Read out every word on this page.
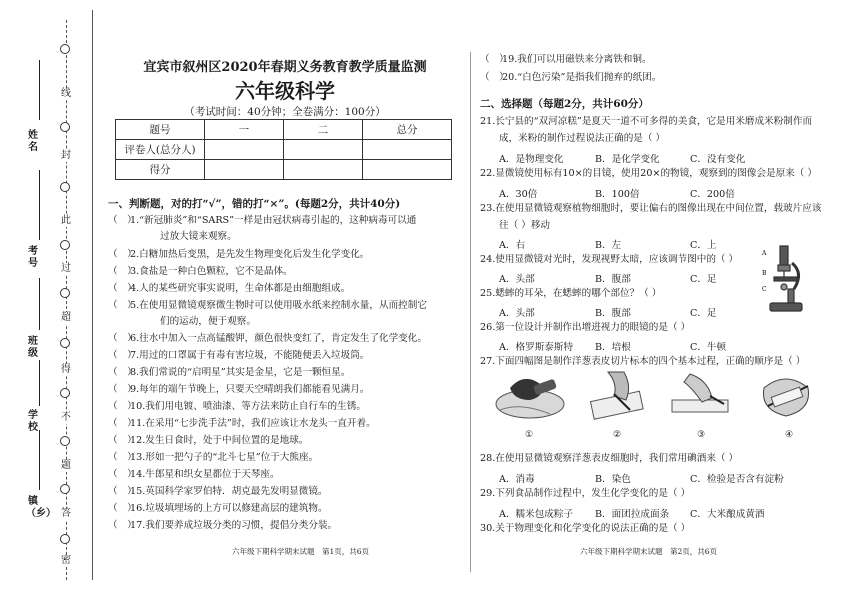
线
封
此
过
超
得
不
题
答
密
姓名
考号
班级
学校
镇（乡）
宜宾市叙州区2020年春期义务教育教学质量监测
六年级科学
（考试时间：40分钟；全卷满分：100分）
题号	一	二	总分
评卷人(总分人)			
得分			
一、判断题，对的打“√”，错的打“×”。(每题2分，共计40分)
（　）1.“新冠肺炎”和“SARS”一样是由冠状病毒引起的，这种病毒可以通
过放大镜来观察。
（　）2.白糖加热后变黑，是先发生物理变化后发生化学变化。
（　）3.食盐是一种白色颗粒，它不是晶体。
（　）4.人的某些研究事实说明，生命体都是由细胞组成。
（　）5.在使用显微镜观察微生物时可以使用吸水纸来控制水量，从而控制它
们的运动，便于观察。
（　）6.往水中加入一点高锰酸钾，颜色很快变红了，肯定发生了化学变化。
（　）7.用过的口罩属于有毒有害垃圾，不能随便丢入垃圾筒。
（　）8.我们常说的“启明星”其实是金星，它是一颗恒星。
（　）9.每年的端午节晚上，只要天空晴朗我们都能看见满月。
（　）10.我们用电镀、喷油漆、等方法来防止自行车的生锈。
（　）11.在采用“七步洗手法”时，我们应该让水龙头一直开着。
（　）12.发生日食时，处于中间位置的是地球。
（　）13.形如一把勺子的“北斗七星”位于大熊座。
（　）14.牛郎星和织女星都位于天琴座。
（　）15.英国科学家罗伯特．胡克最先发明显微镜。
（　）16.垃圾填埋场的上方可以修建高层的建筑物。
（　）17.我们要养成垃圾分类的习惯，提倡分类分装。
六年级下期科学期末试题　第1页，共6页
（　）19.我们可以用磁铁来分离铁和铜。
（　）20.“白色污染”是指我们抛弃的纸团。
二、选择题（每题2分，共计60分）
21.长宁县的“双河凉糕”是夏天一道不可多得的美食，它是用米磨成米粉制作而
成，米粉的制作过程说法正确的是（ ）
A．是物理变化	B．是化学变化	C．没有变化
22.显微镜使用标有10×的目镜，使用20×的物镜，观察到的图像会是原来（ ）
A．30倍	B．100倍	C．200倍
23.在使用显微镜观察植物细胞时，要让偏右的图像出现在中间位置，载玻片应该
往（ ）移动
A．右	B．左	C．上
24.使用显微镜对光时，发现视野太暗，应该调节图中的（ ）
A．头部	B．腹部	C．足
25.蟋蟀的耳朵，在蟋蟀的哪个部位？（ ）
A．头部	B．腹部	C．足
A
B
C
26.第一位设计并制作出增进视力的眼镜的是（ ）
A．格罗斯泰斯特 B．培根	C．牛顿
①	②	③	④
28.在使用显微镜观察洋葱表皮细胞时，我们常用碘酒来（ ）
A．消毒	B．染色	C．检验是否含有淀粉
29.下列食品制作过程中，发生化学变化的是（ ）
A．糯米包成粽子 B．面团拉成面条 C．大米酿成黄酒
30.关于物理变化和化学变化的说法正确的是（ ）
六年级下期科学期末试题　第2页，共6页
27.下面四幅图是制作洋葱表皮切片标本的四个基本过程，正确的顺序是（ ）
